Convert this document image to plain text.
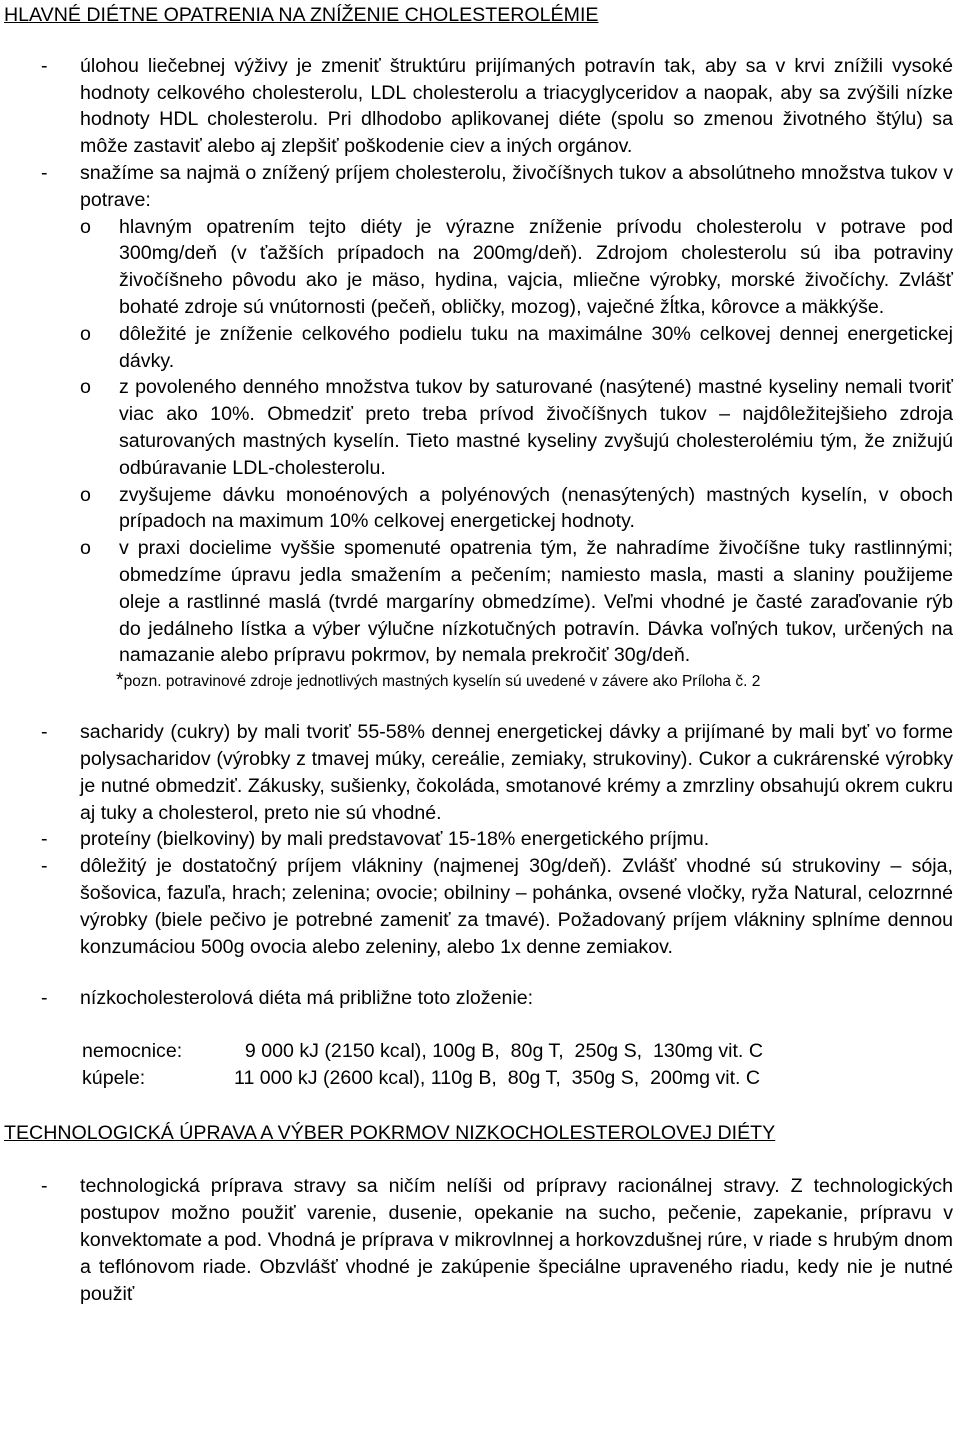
HLAVNÉ DIÉTNE OPATRENIA NA ZNÍŽENIE CHOLESTEROLÉMIE

-	úlohou liečebnej výživy je zmeniť štruktúru prijímaných potravín tak, aby sa v krvi znížili vysoké hodnoty celkového cholesterolu, LDL cholesterolu a triacyglyceridov a naopak, aby sa zvýšili nízke hodnoty HDL cholesterolu. Pri dlhodobo aplikovanej diéte (spolu so zmenou životného štýlu) sa môže zastaviť alebo aj zlepšiť poškodenie ciev a iných orgánov.
-	snažíme sa najmä o znížený príjem cholesterolu, živočíšnych tukov a absolútneho množstva tukov v potrave:
o	hlavným opatrením tejto diéty je výrazne zníženie prívodu cholesterolu v potrave pod 300mg/deň (v ťažších prípadoch na 200mg/deň). Zdrojom cholesterolu sú iba potraviny živočíšneho pôvodu ako je mäso, hydina, vajcia, mliečne výrobky, morské živočíchy. Zvlášť bohaté zdroje sú vnútornosti (pečeň, obličky, mozog), vaječné žĺtka, kôrovce a mäkkýše.
o	dôležité je zníženie celkového podielu tuku na maximálne 30% celkovej dennej energetickej dávky.
o	z povoleného denného množstva tukov by saturované (nasýtené) mastné kyseliny nemali tvoriť viac ako 10%. Obmedziť preto treba prívod živočíšnych tukov – najdôležitejšieho zdroja saturovaných mastných kyselín. Tieto mastné kyseliny zvyšujú cholesterolémiu tým, že znižujú odbúravanie LDL-cholesterolu.
o	zvyšujeme dávku monoénových a polyénových (nenasýtených) mastných kyselín, v oboch prípadoch na maximum 10% celkovej energetickej hodnoty.
o	v praxi docielime vyššie spomenuté opatrenia tým, že nahradíme živočíšne tuky rastlinnými; obmedzíme úpravu jedla smažením a pečením; namiesto masla, masti a slaniny použijeme oleje a rastlinné maslá (tvrdé margaríny obmedzíme). Veľmi vhodné je časté zaraďovanie rýb do jedálneho lístka a výber výlučne nízkotučných potravín. Dávka voľných tukov, určených na namazanie alebo prípravu pokrmov, by nemala prekročiť 30g/deň.
*pozn. potravinové zdroje jednotlivých mastných kyselín sú uvedené v závere ako Príloha č. 2
-	sacharidy (cukry) by mali tvoriť 55-58% dennej energetickej dávky a prijímané by mali byť vo forme polysacharidov (výrobky z tmavej múky, cereálie, zemiaky, strukoviny). Cukor a cukrárenské výrobky je nutné obmedziť. Zákusky, sušienky, čokoláda, smotanové krémy a zmrzliny obsahujú okrem cukru aj tuky a cholesterol, preto nie sú vhodné.
-	proteíny (bielkoviny) by mali predstavovať 15-18% energetického príjmu.
-	dôležitý je dostatočný príjem vlákniny (najmenej 30g/deň). Zvlášť vhodné sú strukoviny – sója, šošovica, fazuľa, hrach; zelenina; ovocie; obilniny – pohánka, ovsené vločky, ryža Natural, celozrnné výrobky (biele pečivo je potrebné zameniť za tmavé). Požadovaný príjem vlákniny splníme dennou konzumáciou 500g ovocia alebo zeleniny, alebo 1x denne zemiakov.
-	nízkocholesterolová diéta má približne toto zloženie:
nemocnice:	9 000 kJ (2150 kcal), 100g B,  80g T,  250g S,  130mg vit. C
kúpele:	11 000 kJ (2600 kcal), 110g B,  80g T,  350g S,  200mg vit. C

TECHNOLOGICKÁ ÚPRAVA A VÝBER POKRMOV NIZKOCHOLESTEROLOVEJ DIÉTY

-	technologická príprava stravy sa ničím nelíši od prípravy racionálnej stravy. Z technologických postupov možno použiť varenie, dusenie, opekanie na sucho, pečenie, zapekanie, prípravu v konvektomate a pod. Vhodná je príprava v mikrovlnnej a horkovzdušnej rúre, v riade s hrubým dnom a teflónovom riade. Obzvlášť vhodné je zakúpenie špeciálne upraveného riadu, kedy nie je nutné použiť
